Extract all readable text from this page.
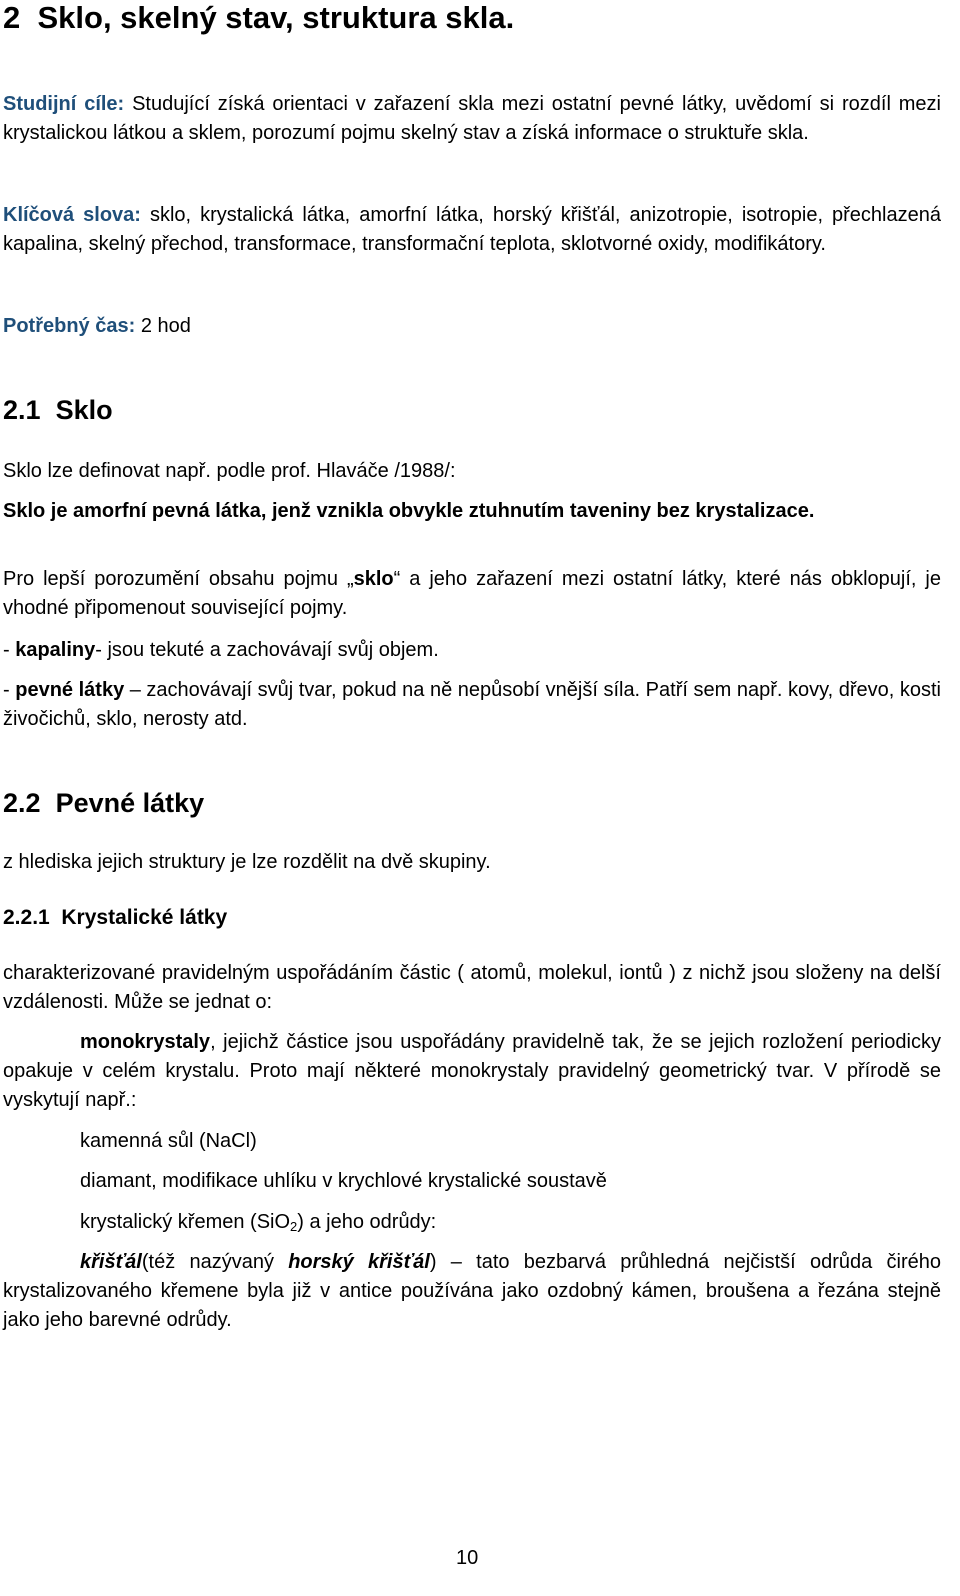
2 Sklo, skelný stav, struktura skla.

Studijní cíle: Studující získá orientaci v zařazení skla mezi ostatní pevné látky, uvědomí si rozdíl mezi krystalickou látkou a sklem, porozumí pojmu skelný stav a získá informace o struktuře skla.

Klíčová slova: sklo, krystalická látka, amorfní látka, horský křišťál, anizotropie, isotropie, přechlazená kapalina, skelný přechod, transformace, transformační teplota, sklotvorné oxidy, modifikátory.

Potřebný čas: 2 hod

2.1 Sklo

Sklo lze definovat např. podle prof. Hlaváče /1988/:

Sklo je amorfní pevná látka, jenž vznikla obvykle ztuhnutím taveniny bez krystalizace.

Pro lepší porozumění obsahu pojmu „sklo“ a jeho zařazení mezi ostatní látky, které nás obklopují, je vhodné připomenout související pojmy.

- kapaliny- jsou tekuté a zachovávají svůj objem.

- pevné látky – zachovávají svůj tvar, pokud na ně nepůsobí vnější síla. Patří sem např. kovy, dřevo, kosti živočichů, sklo, nerosty atd.

2.2 Pevné látky

z hlediska jejich struktury je lze rozdělit na dvě skupiny.

2.2.1 Krystalické látky

charakterizované pravidelným uspořádáním částic ( atomů, molekul, iontů ) z nichž jsou složeny na delší vzdálenosti. Může se jednat o:

monokrystaly, jejichž částice jsou uspořádány pravidelně tak, že se jejich rozložení periodicky opakuje v celém krystalu. Proto mají některé monokrystaly pravidelný geometrický tvar. V přírodě se vyskytují např.:

kamenná sůl (NaCl)

diamant, modifikace uhlíku v krychlové krystalické soustavě

krystalický křemen (SiO$_2$) a jeho odrůdy:

křišťál(též nazývaný horský křišťál) – tato bezbarvá průhledná nejčistší odrůda čirého krystalizovaného křemene byla již v antice používána jako ozdobný kámen, broušena a řezána stejně jako jeho barevné odrůdy.

10
